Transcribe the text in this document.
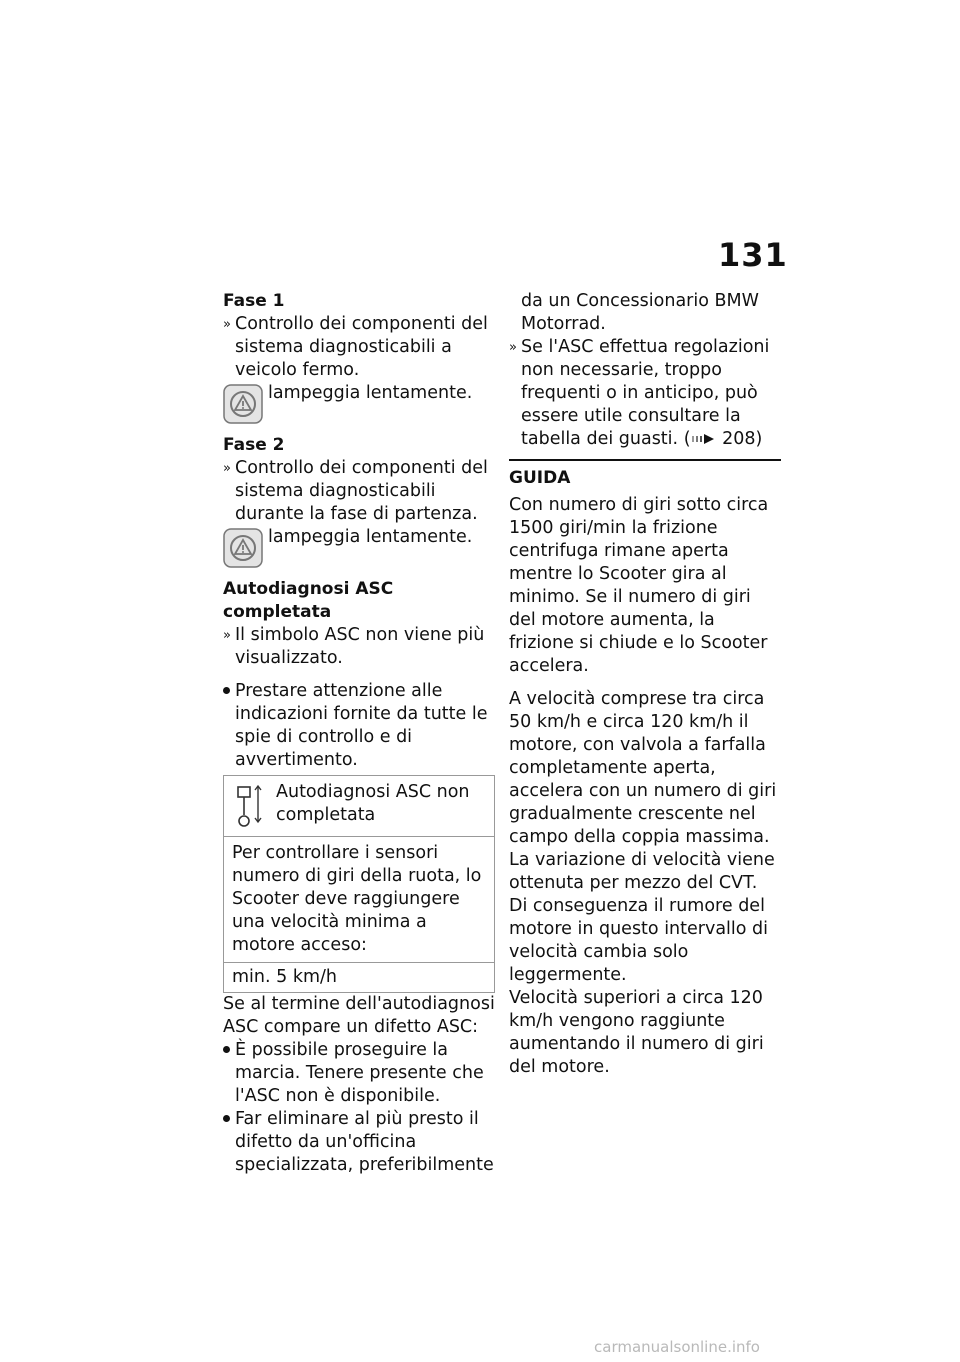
131
Fase 1
» Controllo dei componenti del sistema diagnosticabili a veicolo fermo.
lampeggia lentamente.
Fase 2
» Controllo dei componenti del sistema diagnosticabili durante la fase di partenza.
lampeggia lentamente.
Autodiagnosi ASC completata
» Il simbolo ASC non viene più visualizzato.
Prestare attenzione alle indicazioni fornite da tutte le spie di controllo e di avvertimento.
Autodiagnosi ASC non completata
Per controllare i sensori numero di giri della ruota, lo Scooter deve raggiungere una velocità minima a motore acceso:
min. 5 km/h
Se al termine dell'autodiagnosi ASC compare un difetto ASC:
È possibile proseguire la marcia. Tenere presente che l'ASC non è disponibile.
Far eliminare al più presto il difetto da un'officina specializzata, preferibilmente
da un Concessionario BMW Motorrad.
» Se l'ASC effettua regolazioni non necessarie, troppo frequenti o in anticipo, può essere utile consultare la tabella dei guasti. ( 208)
GUIDA
Con numero di giri sotto circa 1500 giri/min la frizione centrifuga rimane aperta mentre lo Scooter gira al minimo. Se il numero di giri del motore aumenta, la frizione si chiude e lo Scooter accelera.
A velocità comprese tra circa 50 km/h e circa 120 km/h il motore, con valvola a farfalla completamente aperta, accelera con un numero di giri gradualmente crescente nel campo della coppia massima. La variazione di velocità viene ottenuta per mezzo del CVT. Di conseguenza il rumore del motore in questo intervallo di velocità cambia solo leggermente.
Velocità superiori a circa 120 km/h vengono raggiunte aumentando il numero di giri del motore.
carmanualsonline.info
